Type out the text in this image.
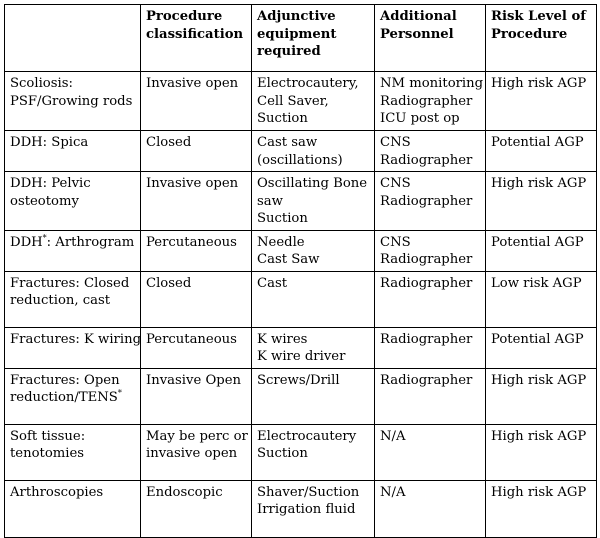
	Procedure classification	Adjunctive equipment required	Additional Personnel	Risk Level of Procedure

Scoliosis:
PSF/Growing rods	Invasive open	Electrocautery,
Cell Saver,
Suction	NM monitoring
Radiographer
ICU post op	High risk AGP

DDH: Spica	Closed	Cast saw
(oscillations)	CNS
Radiographer	Potential AGP

DDH: Pelvic
osteotomy	Invasive open	Oscillating Bone
saw
Suction	CNS
Radiographer	High risk AGP

DDH*: Arthrogram	Percutaneous	Needle
Cast Saw	CNS
Radiographer	Potential AGP

Fractures: Closed
reduction, cast	Closed	Cast	Radiographer	Low risk AGP

Fractures: K wiring	Percutaneous	K wires
K wire driver	Radiographer	Potential AGP

Fractures: Open
reduction/TENS*	Invasive Open	Screws/Drill	Radiographer	High risk AGP

Soft tissue:
tenotomies	May be perc or
invasive open	Electrocautery
Suction	N/A	High risk AGP

Arthroscopies	Endoscopic	Shaver/Suction
Irrigation fluid	N/A	High risk AGP
